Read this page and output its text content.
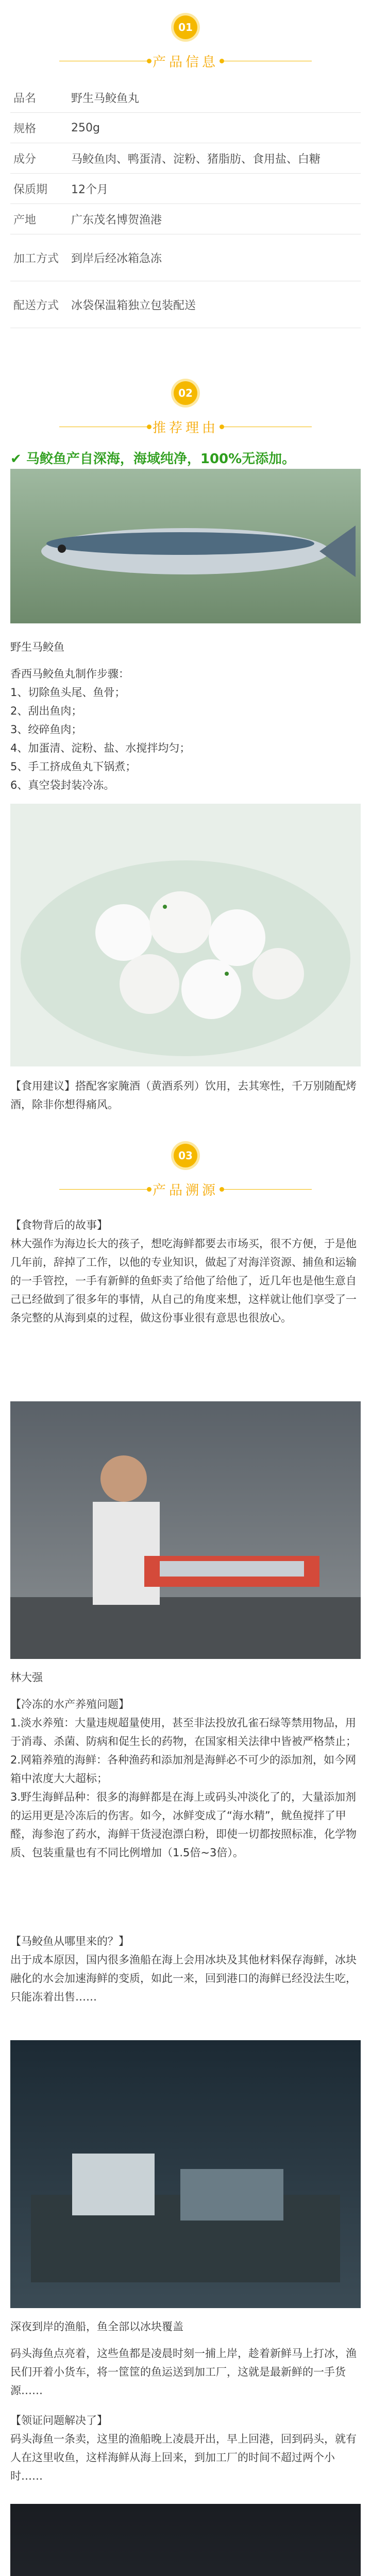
01
产品信息
品名	野生马鲛鱼丸
规格	250g
成分	马鲛鱼肉、鸭蛋清、淀粉、猪脂肪、食用盐、白糖
保质期	12个月
产地	广东茂名博贺渔港
加工方式	到岸后经冰箱急冻
配送方式	冰袋保温箱独立包装配送
02
推荐理由
✔ 马鲛鱼产自深海，海域纯净，100%无添加。
野生马鲛鱼
香西马鲛鱼丸制作步骤：
1、切除鱼头尾、鱼骨；
2、刮出鱼肉；
3、绞碎鱼肉；
4、加蛋清、淀粉、盐、水搅拌均匀；
5、手工挤成鱼丸下锅煮；
6、真空袋封装冷冻。
【食用建议】搭配客家腌酒（黄酒系列）饮用，去其寒性，千万别随配烤酒，除非你想得痛风。
03
产品溯源
【食物背后的故事】
林大强作为海边长大的孩子，想吃海鲜都要去市场买，很不方便，于是他几年前，辞掉了工作，以他的专业知识，做起了对海洋资源、捕鱼和运输的一手管控，一手有新鲜的鱼虾卖了给他了给他了，近几年也是他生意自己已经做到了很多年的事情，从自己的角度来想，这样就让他们享受了一条完整的从海到桌的过程，做这份事业很有意思也很放心。
林大强
【冷冻的水产养殖问题】
1.淡水养殖：大量违规超量使用，甚至非法投放孔雀石绿等禁用物品，用于消毒、杀菌、防病和促生长的药物，在国家相关法律中皆被严格禁止；
2.网箱养殖的海鲜：各种渔药和添加剂是海鲜必不可少的添加剂，如今网箱中浓度大大超标；
3.野生海鲜品种：很多的海鲜都是在海上或码头冲淡化了的，大量添加剂的运用更是冷冻后的伤害。如今，冰鲜变成了“海水精”，鱿鱼搅拌了甲醛，海参泡了药水，海鲜干货浸泡漂白粉，即使一切都按照标准，化学物质、包装重量也有不同比例增加（1.5倍~3倍）。
【马鲛鱼从哪里来的？】
出于成本原因，国内很多渔船在海上会用冰块及其他材料保存海鲜，冰块融化的水会加速海鲜的变质，如此一来，回到港口的海鲜已经没法生吃，只能冻着出售……
深夜到岸的渔船，鱼全部以冰块覆盖
码头海鱼点亮着，这些鱼都是凌晨时刻一捕上岸，趁着新鲜马上打冰，渔民们开着小货车，将一筐筐的鱼运送到加工厂，这就是最新鲜的一手货源……
【领证问题解决了】
码头海鱼一条卖，这里的渔船晚上凌晨开出，早上回港，回到码头，就有人在这里收鱼，这样海鲜从海上回来，到加工厂的时间不超过两个小时……
